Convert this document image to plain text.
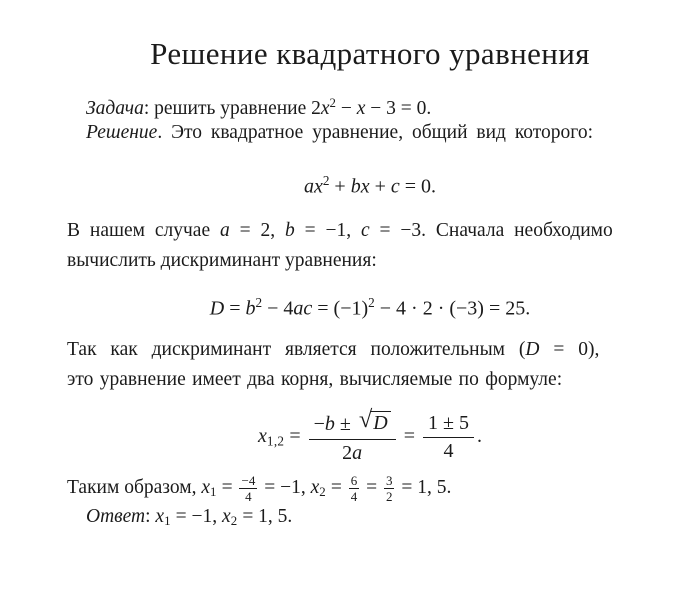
Решение квадратного уравнения
Задача: решить уравнение $2x^2 - x - 3 = 0$.
Решение. Это квадратное уравнение, общий вид которого:
$ax^2$ + bx + c = 0.
В нашем случае a = 2, b = −1, c = −3. Сначала необходимо
вычислить дискриминант уравнения:
$D = b^2 - 4ac = (-1)^2 - 4 \cdot 2 \cdot (-3) = 25$.
Так как дискриминант является положительным (D = 0),
это уравнение имеет два корня, вычисляемые по формуле:
$x_{1,2} = \frac{-b \pm √ D}{2a} = \frac{1 \pm 5}{4}$ .
Таким образом, $x_1 = \frac{-4}{4} = -1$, $x_2 = \frac{6}{4} = \frac{3}{2} = 1$, 5.
Ответ: $x_1 = -1$, $x_2 = 1$, 5.
